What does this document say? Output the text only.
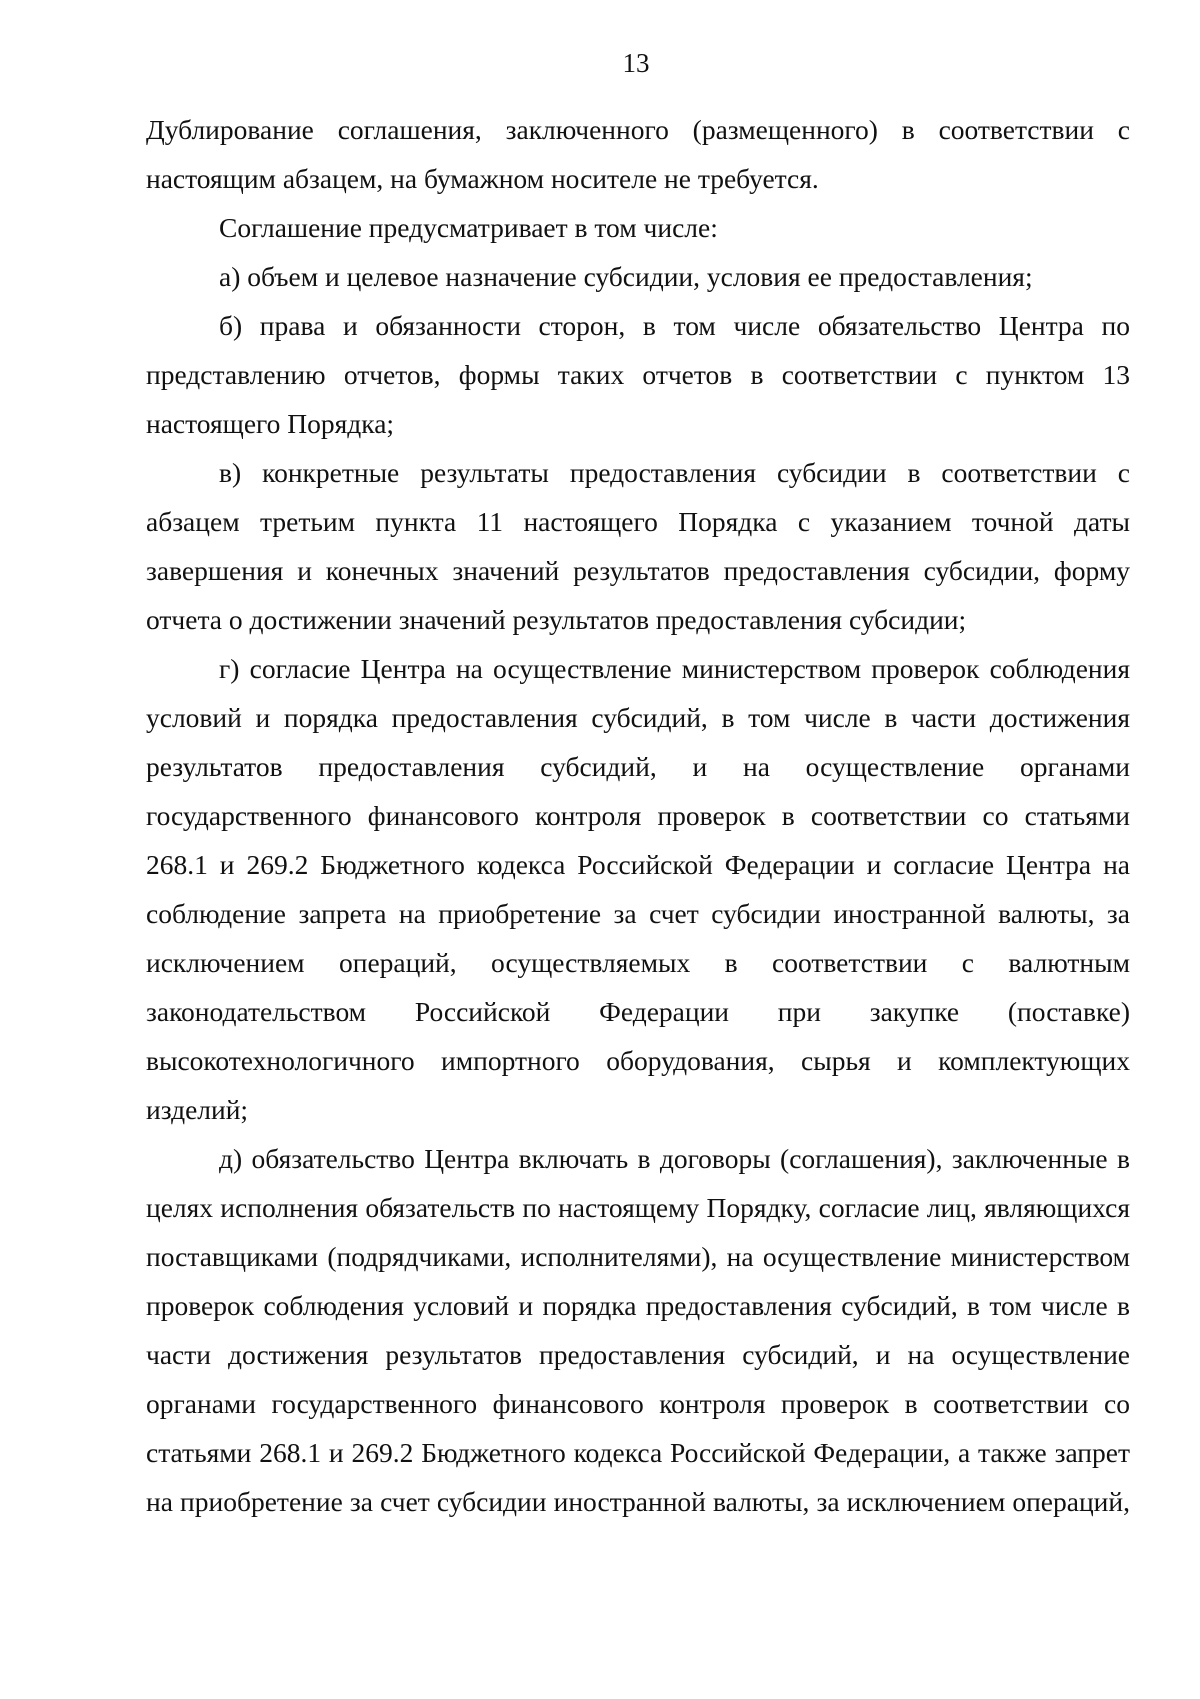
13

Дублирование соглашения, заключенного (размещенного) в соответствии с настоящим абзацем, на бумажном носителе не требуется.

Соглашение предусматривает в том числе:

а) объем и целевое назначение субсидии, условия ее предоставления;

б) права и обязанности сторон, в том числе обязательство Центра по представлению отчетов, формы таких отчетов в соответствии с пунктом 13 настоящего Порядка;

в) конкретные результаты предоставления субсидии в соответствии с абзацем третьим пункта 11 настоящего Порядка с указанием точной даты завершения и конечных значений результатов предоставления субсидии, форму отчета о достижении значений результатов предоставления субсидии;

г) согласие Центра на осуществление министерством проверок соблюдения условий и порядка предоставления субсидий, в том числе в части достижения результатов предоставления субсидий, и на осуществление органами государственного финансового контроля проверок в соответствии со статьями 268.1 и 269.2 Бюджетного кодекса Российской Федерации и согласие Центра на соблюдение запрета на приобретение за счет субсидии иностранной валюты, за исключением операций, осуществляемых в соответствии с валютным законодательством Российской Федерации при закупке (поставке) высокотехнологичного импортного оборудования, сырья и комплектующих изделий;

д) обязательство Центра включать в договоры (соглашения), заключенные в целях исполнения обязательств по настоящему Порядку, согласие лиц, являющихся поставщиками (подрядчиками, исполнителями), на осуществление министерством проверок соблюдения условий и порядка предоставления субсидий, в том числе в части достижения результатов предоставления субсидий, и на осуществление органами государственного финансового контроля проверок в соответствии со статьями 268.1 и 269.2 Бюджетного кодекса Российской Федерации, а также запрет на приобретение за счет субсидии иностранной валюты, за исключением операций,
